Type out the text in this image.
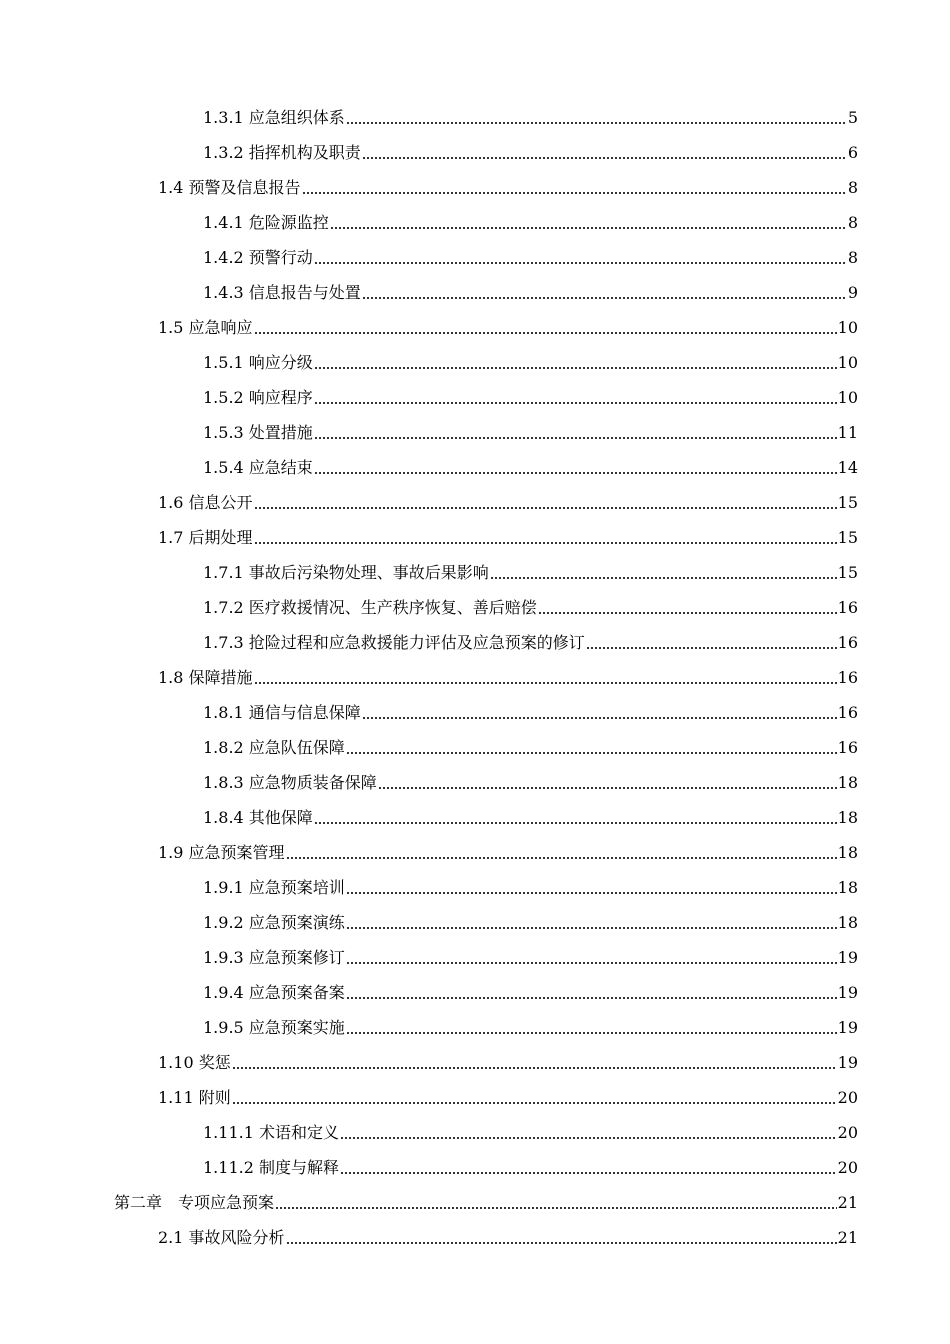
1.3.1 应急组织体系	5
1.3.2 指挥机构及职责	6
1.4 预警及信息报告	8
1.4.1 危险源监控	8
1.4.2 预警行动	8
1.4.3 信息报告与处置	9
1.5 应急响应	10
1.5.1 响应分级	10
1.5.2 响应程序	10
1.5.3 处置措施	11
1.5.4 应急结束	14
1.6 信息公开	15
1.7 后期处理	15
1.7.1 事故后污染物处理、事故后果影响	15
1.7.2 医疗救援情况、生产秩序恢复、善后赔偿	16
1.7.3 抢险过程和应急救援能力评估及应急预案的修订	16
1.8 保障措施	16
1.8.1 通信与信息保障	16
1.8.2 应急队伍保障	16
1.8.3 应急物质装备保障	18
1.8.4 其他保障	18
1.9 应急预案管理	18
1.9.1 应急预案培训	18
1.9.2 应急预案演练	18
1.9.3 应急预案修订	19
1.9.4 应急预案备案	19
1.9.5 应急预案实施	19
1.10 奖惩	19
1.11 附则	20
1.11.1 术语和定义	20
1.11.2 制度与解释	20
第二章　专项应急预案	21
2.1 事故风险分析	21
